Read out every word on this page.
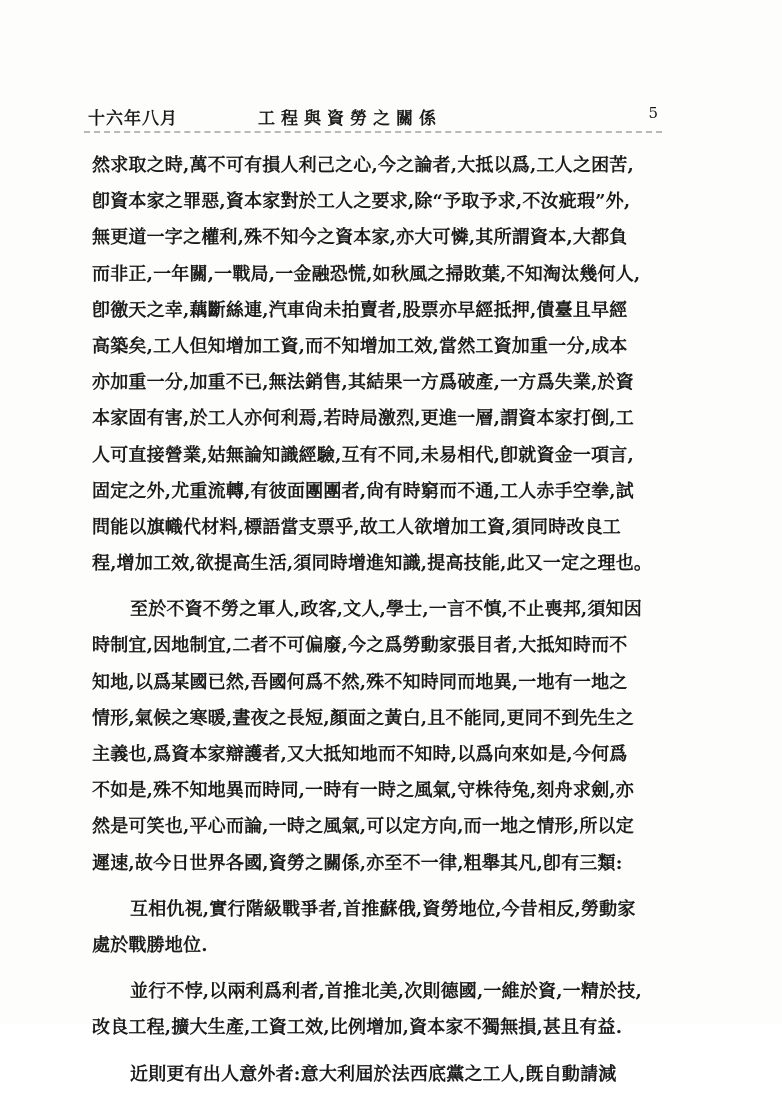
十六年八月	工程與資勞之關係	5
然求取之時,萬不可有損人利己之心,今之論者,大抵以爲,工人之困苦,
卽資本家之罪惡,資本家對於工人之要求,除“予取予求,不汝疵瑕”外,
無更道一字之權利,殊不知今之資本家,亦大可憐,其所謂資本,大都負
而非正,一年關,一戰局,一金融恐慌,如秋風之掃敗葉,不知淘汰幾何人,
卽徼天之幸,藕斷絲連,汽車尙未拍賣者,股票亦早經抵押,債臺且早經
高築矣,工人但知增加工資,而不知增加工效,當然工資加重一分,成本
亦加重一分,加重不已,無法銷售,其結果一方爲破產,一方爲失業,於資
本家固有害,於工人亦何利焉,若時局激烈,更進一層,謂資本家打倒,工
人可直接營業,姑無論知識經驗,互有不同,未易相代,卽就資金一項言,
固定之外,尤重流轉,有彼面團團者,尙有時窮而不通,工人赤手空拳,試
問能以旗幟代材料,標語當支票乎,故工人欲增加工資,須同時改良工
程,增加工效,欲提高生活,須同時增進知識,提高技能,此又一定之理也。
至於不資不勞之軍人,政客,文人,學士,一言不慎,不止喪邦,須知因
時制宜,因地制宜,二者不可偏廢,今之爲勞動家張目者,大抵知時而不
知地,以爲某國已然,吾國何爲不然,殊不知時同而地異,一地有一地之
情形,氣候之寒暖,晝夜之長短,顏面之黃白,且不能同,更同不到先生之
主義也,爲資本家辯護者,又大抵知地而不知時,以爲向來如是,今何爲
不如是,殊不知地異而時同,一時有一時之風氣,守株待兔,刻舟求劍,亦
然是可笑也,平心而論,一時之風氣,可以定方向,而一地之情形,所以定
遲速,故今日世界各國,資勞之關係,亦至不一律,粗舉其凡,卽有三類:
互相仇視,實行階級戰爭者,首推蘇俄,資勞地位,今昔相反,勞動家
處於戰勝地位.
並行不悖,以兩利爲利者,首推北美,次則德國,一維於資,一精於技,
改良工程,擴大生產,工資工效,比例增加,資本家不獨無損,甚且有益.
近則更有出人意外者:意大利屆於法西底黨之工人,旣自動請減
